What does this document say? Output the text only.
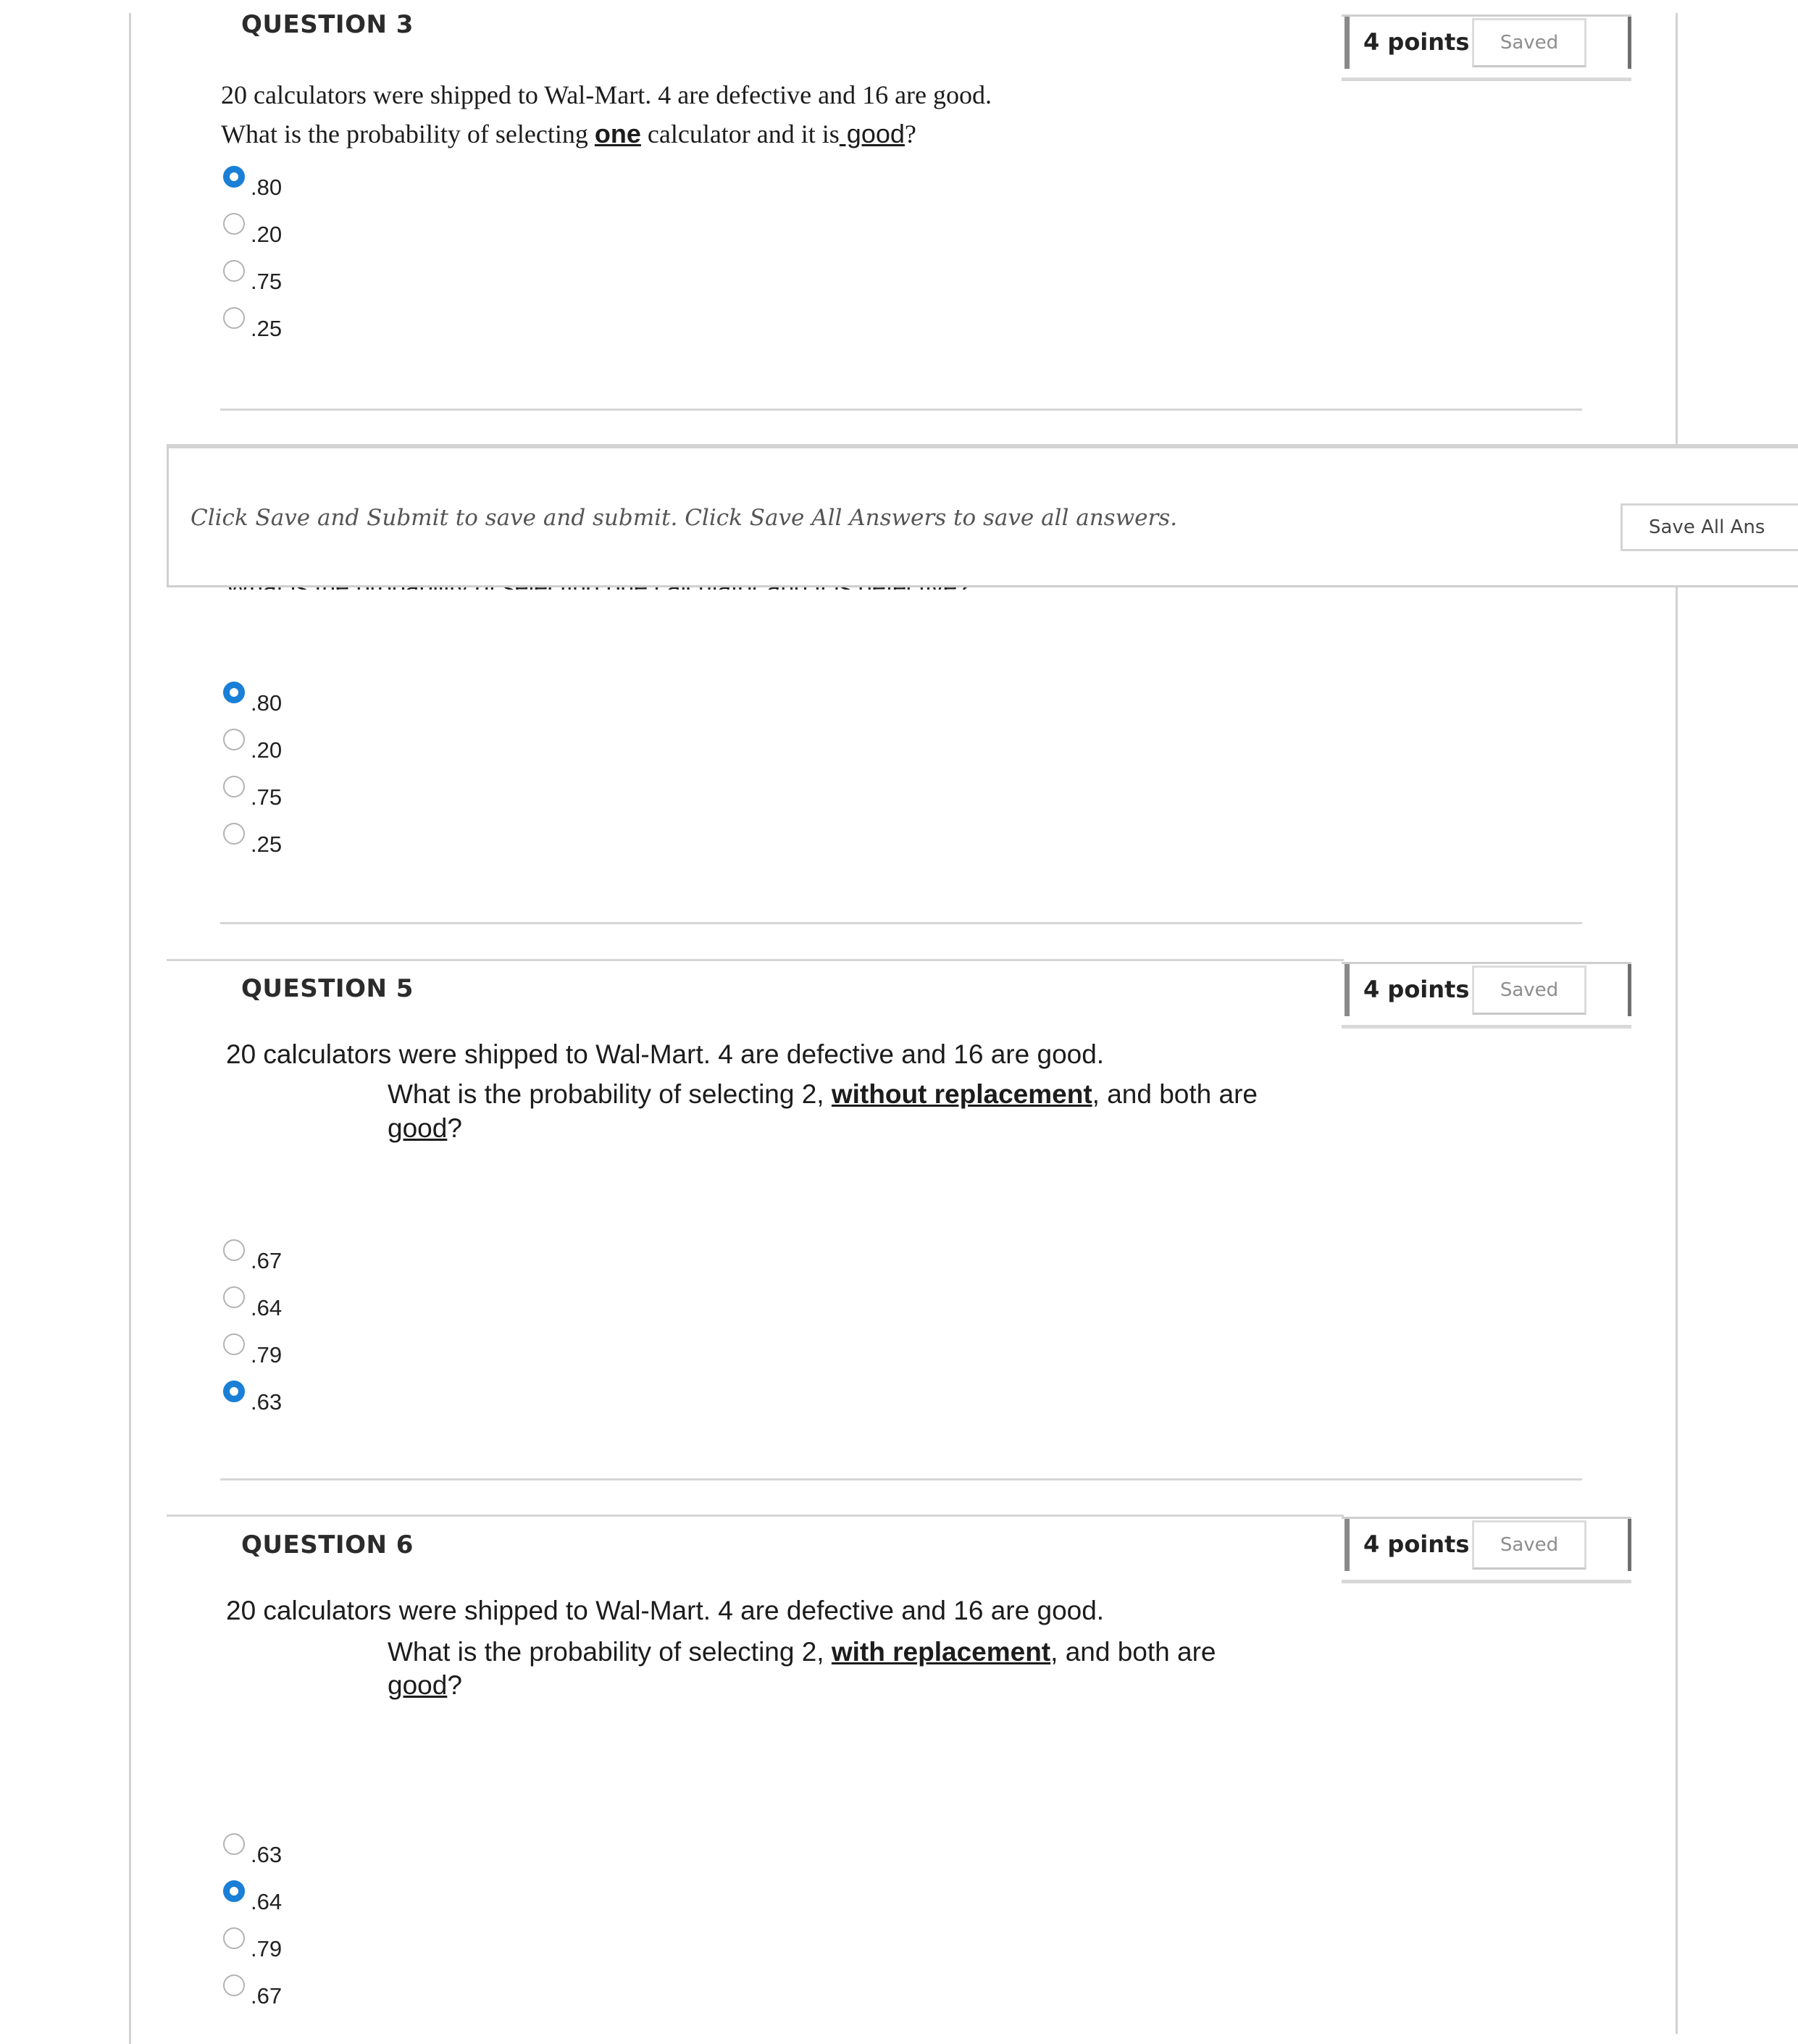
QUESTION 3
4 points	Saved
20 calculators were shipped to Wal-Mart. 4 are defective and 16 are good.
What is the probability of selecting one calculator and it is good?
.80
.20
.75
.25
Click Save and Submit to save and submit. Click Save All Answers to save all answers.	Save All Ans
.80
.20
.75
.25
QUESTION 5	4 points	Saved
20 calculators were shipped to Wal-Mart. 4 are defective and 16 are good.
What is the probability of selecting 2, without replacement, and both are
good?
.67
.64
.79
.63
QUESTION 6	4 points	Saved
20 calculators were shipped to Wal-Mart. 4 are defective and 16 are good.
What is the probability of selecting 2, with replacement, and both are
good?
.63
.64
.79
.67
